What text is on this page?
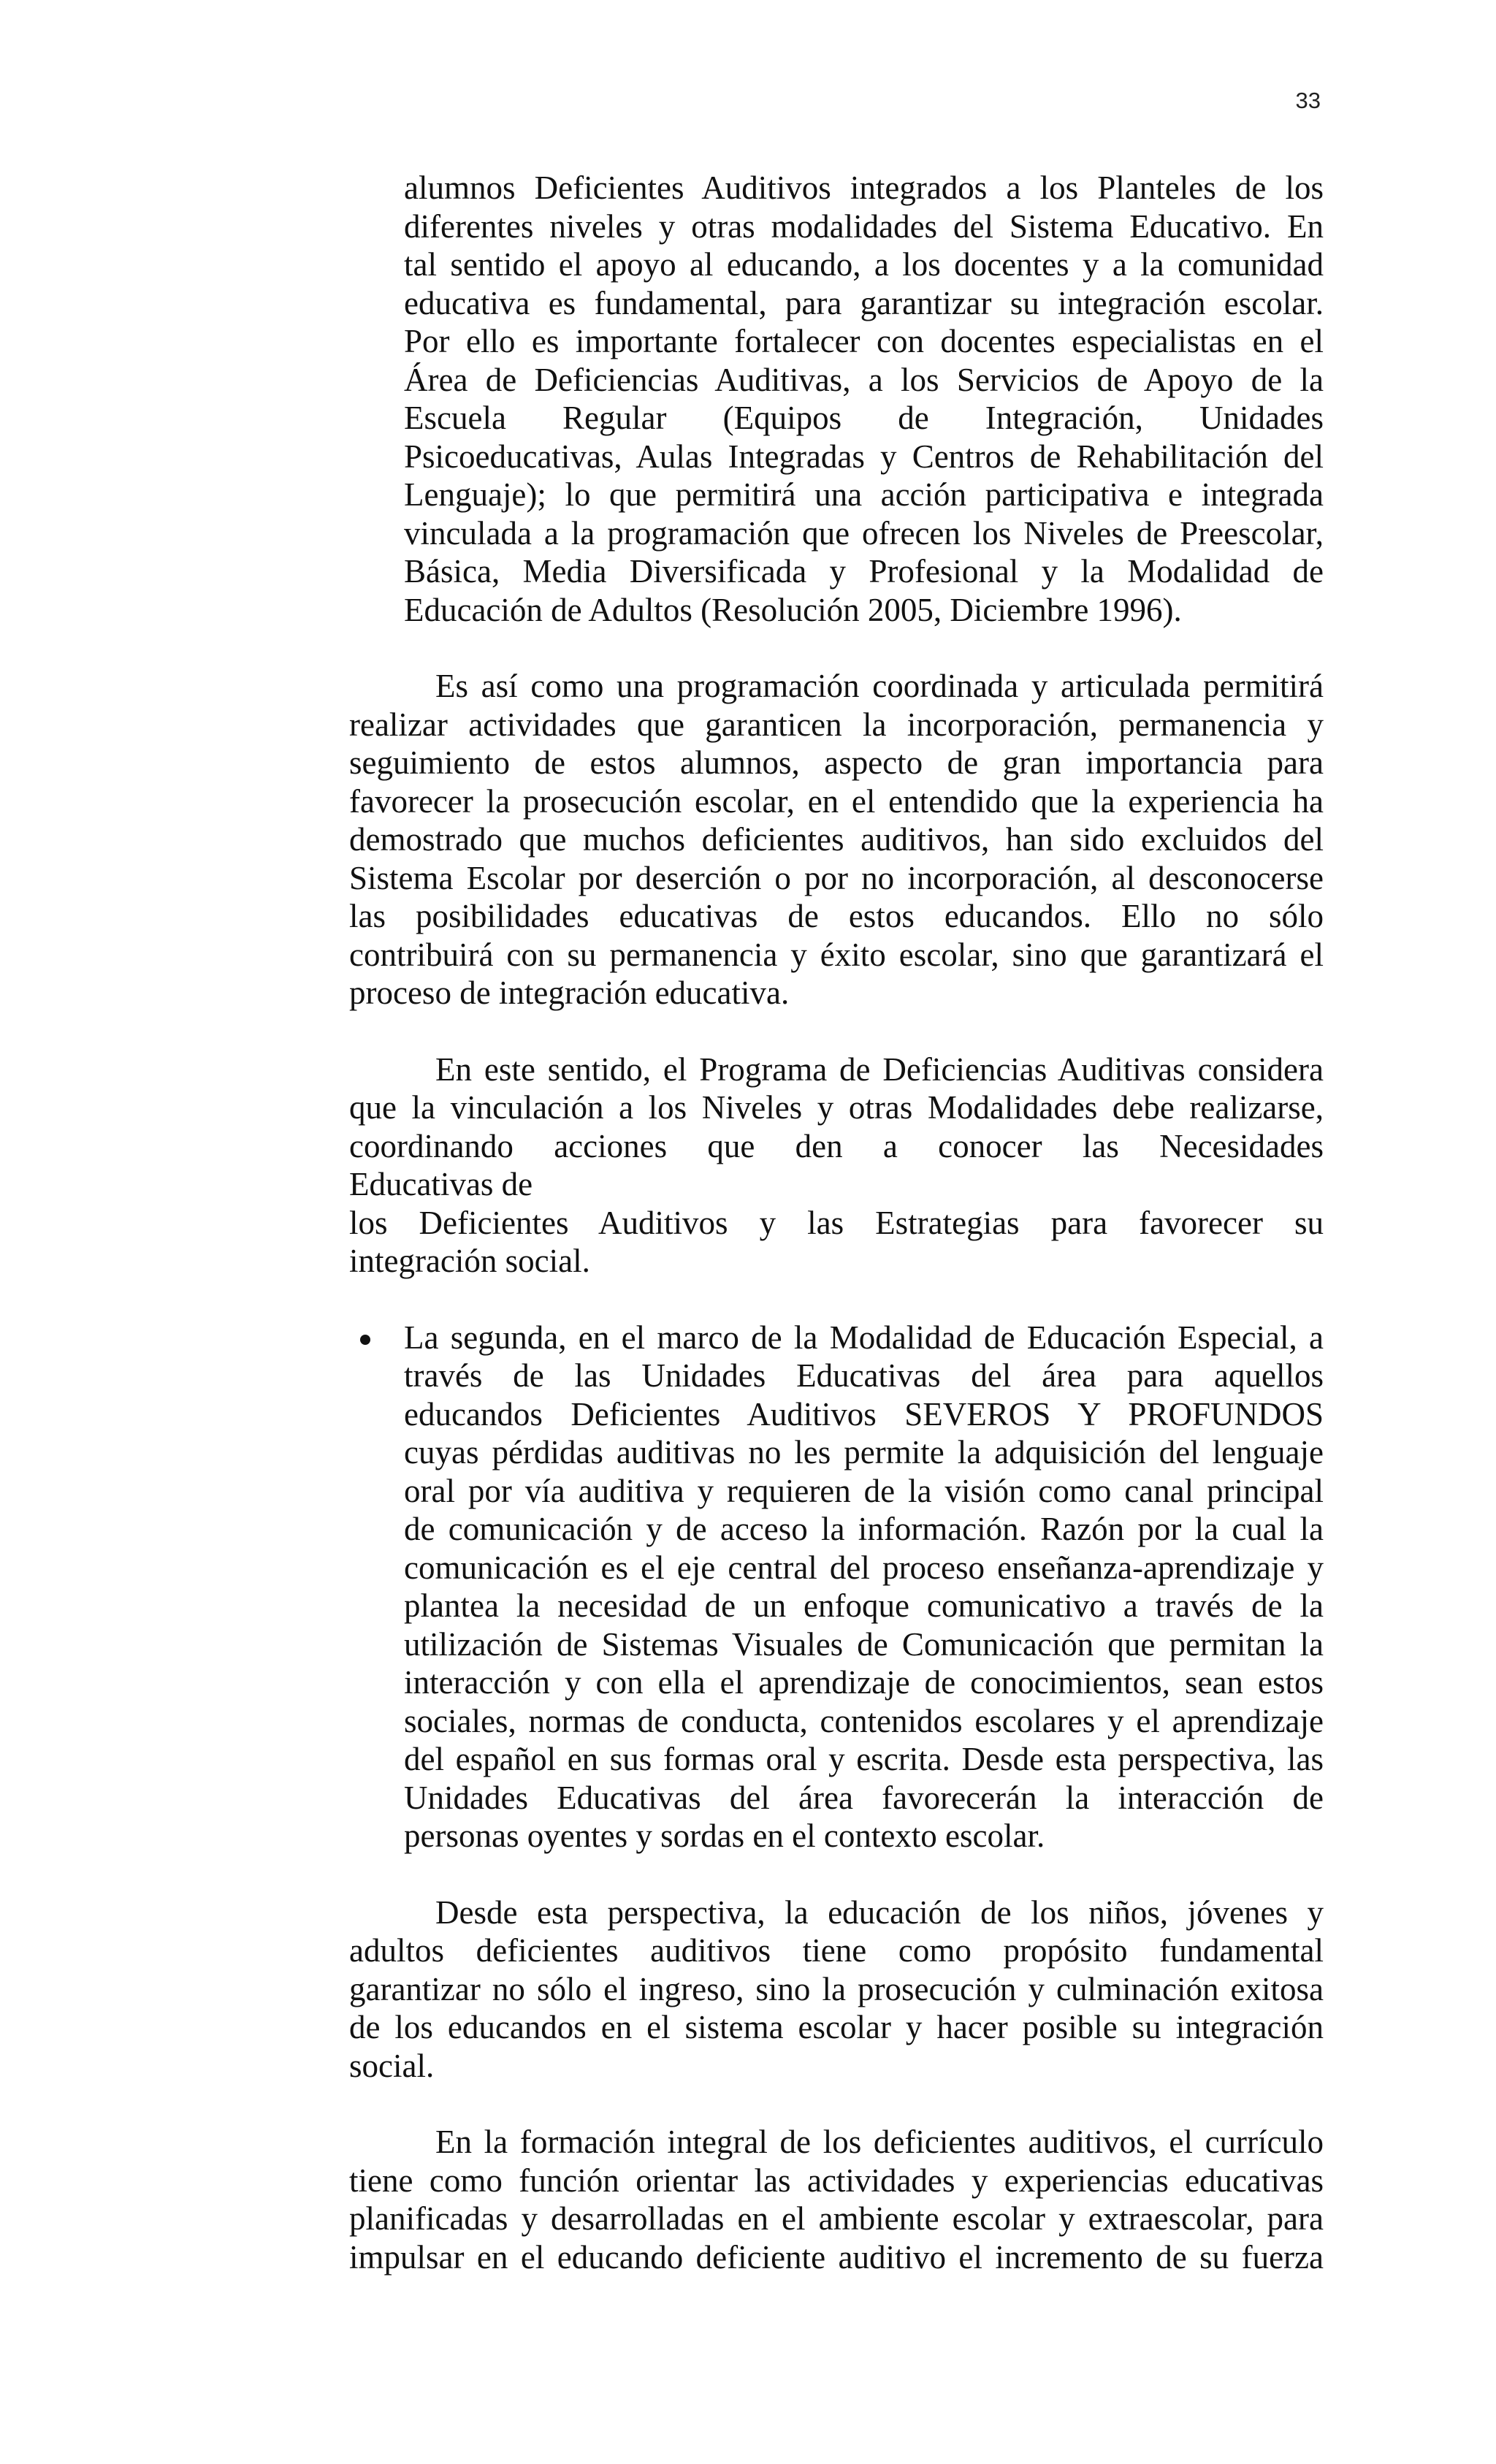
33
alumnos Deficientes Auditivos integrados a los Planteles de los
diferentes niveles y otras modalidades del Sistema Educativo. En
tal sentido el apoyo al educando, a los docentes y a la comunidad
educativa es fundamental, para garantizar su integración escolar.
Por ello es importante fortalecer con docentes especialistas en el
Área de Deficiencias Auditivas, a los Servicios de Apoyo de la
Escuela Regular (Equipos de Integración, Unidades
Psicoeducativas, Aulas Integradas y Centros de Rehabilitación del
Lenguaje); lo que permitirá una acción participativa e integrada
vinculada a la programación que ofrecen los Niveles de Preescolar,
Básica, Media Diversificada y Profesional y la Modalidad de
Educación de Adultos (Resolución 2005, Diciembre 1996).
Es así como una programación coordinada y articulada permitirá
realizar actividades que garanticen la incorporación, permanencia y
seguimiento de estos alumnos, aspecto de gran importancia para
favorecer la prosecución escolar, en el entendido que la experiencia ha
demostrado que muchos deficientes auditivos, han sido excluidos del
Sistema Escolar por deserción o por no incorporación, al desconocerse
las posibilidades educativas de estos educandos. Ello no sólo
contribuirá con su permanencia y éxito escolar, sino que garantizará el
proceso de integración educativa.
En este sentido, el Programa de Deficiencias Auditivas considera
que la vinculación a los Niveles y otras Modalidades debe realizarse,
coordinando acciones que den a conocer las Necesidades
Educativas de
los Deficientes Auditivos y las Estrategias para favorecer su
integración social.
La segunda, en el marco de la Modalidad de Educación Especial, a
través de las Unidades Educativas del área para aquellos
educandos Deficientes Auditivos SEVEROS Y PROFUNDOS
cuyas pérdidas auditivas no les permite la adquisición del lenguaje
oral por vía auditiva y requieren de la visión como canal principal
de comunicación y de acceso la información. Razón por la cual la
comunicación es el eje central del proceso enseñanza-aprendizaje y
plantea la necesidad de un enfoque comunicativo a través de la
utilización de Sistemas Visuales de Comunicación que permitan la
interacción y con ella el aprendizaje de conocimientos, sean estos
sociales, normas de conducta, contenidos escolares y el aprendizaje
del español en sus formas oral y escrita. Desde esta perspectiva, las
Unidades Educativas del área favorecerán la interacción de
personas oyentes y sordas en el contexto escolar.
Desde esta perspectiva, la educación de los niños, jóvenes y
adultos deficientes auditivos tiene como propósito fundamental
garantizar no sólo el ingreso, sino la prosecución y culminación exitosa
de los educandos en el sistema escolar y hacer posible su integración
social.
En la formación integral de los deficientes auditivos, el currículo
tiene como función orientar las actividades y experiencias educativas
planificadas y desarrolladas en el ambiente escolar y extraescolar, para
impulsar en el educando deficiente auditivo el incremento de su fuerza
